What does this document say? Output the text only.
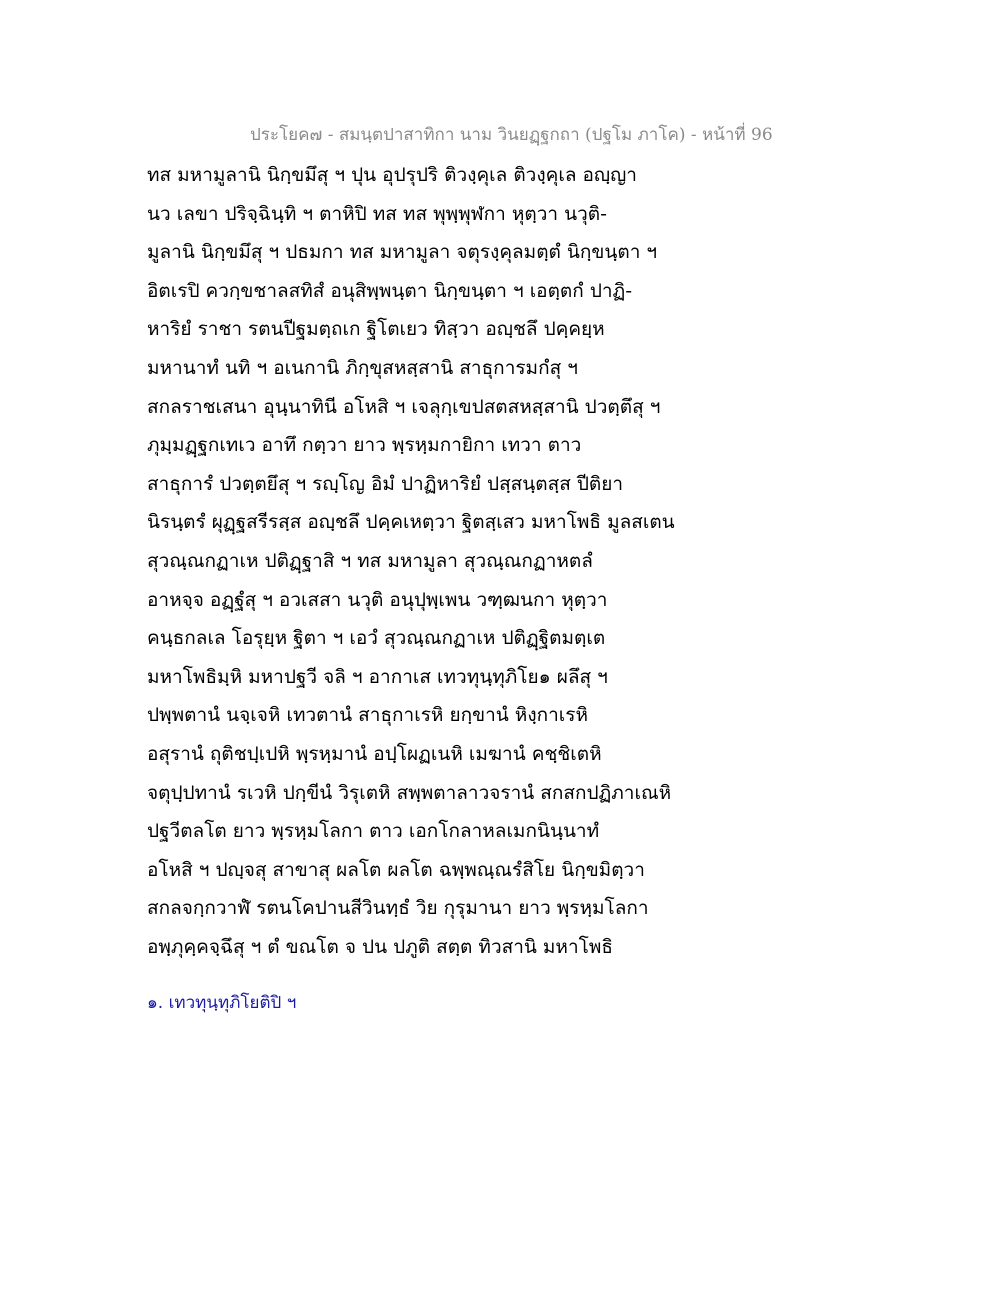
ประโยค๗ - สมนฺตปาสาทิกา นาม วินยฏฺฐกถา (ปฐโม ภาโค) - หน้าที่ 96
ทส มหามูลานิ นิกฺขมึสุ ฯ ปุน อุปรุปริ ติวงฺคุเล ติวงฺคุเล อญฺญา
นว เลขา ปริจฺฉินฺทิ ฯ ตาหิปิ ทส ทส พุพฺพุฬกา หุตฺวา นวุติ-
มูลานิ นิกฺขมึสุ ฯ ปธมกา ทส มหามูลา จตุรงฺคุลมตฺตํ นิกฺขนฺตา ฯ
อิตเรปิ ควกฺขชาลสทิสํ อนุสิพฺพนฺตา นิกฺขนฺตา ฯ เอตฺตกํ ปาฏิ-
หาริยํ ราชา รตนปีฐมตฺถเก ฐิโตเยว ทิสฺวา อญฺชลึ ปคฺคยฺห
มหานาทํ นทิ ฯ อเนกานิ ภิกฺขุสหสฺสานิ สาธุการมกํสุ ฯ
สกลราชเสนา อุนฺนาทินี อโหสิ ฯ เจลุกฺเขปสตสหสฺสานิ ปวตฺตึสุ ฯ
ภุมฺมฏฺฐกเทเว อาทึ กตฺวา ยาว พฺรหฺมกายิกา เทวา ตาว
สาธุการํ ปวตฺตยึสุ ฯ รญฺโญ อิมํ ปาฏิหาริยํ ปสฺสนฺตสฺส ปีติยา
นิรนฺตรํ ผุฏฺฐสรีรสฺส อญฺชลึ ปคฺคเหตฺวา ฐิตสฺเสว มหาโพธิ มูลสเตน
สุวณฺณกฏาเห ปติฏฺฐาสิ ฯ ทส มหามูลา สุวณฺณกฏาหตลํ
อาหจฺจ อฏฺฐํสุ ฯ อวเสสา นวุติ อนุปุพฺเพน วฑฺฒนกา หุตฺวา
คนฺธกลเล โอรุยฺห ฐิตา ฯ เอวํ สุวณฺณกฏาเห ปติฏฺฐิตมตฺเต
มหาโพธิมฺหิ มหาปฐวี จลิ ฯ อากาเส เทวทุนฺทุภิโย๑ ผลึสุ ฯ
ปพฺพตานํ นจฺเจหิ เทวตานํ สาธุกาเรหิ ยกฺขานํ หิงฺกาเรหิ
อสุรานํ ถุติชปฺเปหิ พฺรหฺมานํ อปฺโผฏเนหิ เมฆานํ คชฺชิเตหิ
จตุปฺปทานํ รเวหิ ปกฺขีนํ วิรุเตหิ สพฺพตาลาวจรานํ สกสกปฏิภาเณหิ
ปฐวีตลโต ยาว พฺรหฺมโลกา ตาว เอกโกลาหลเมกนินฺนาทํ
อโหสิ ฯ ปญฺจสุ สาขาสุ ผลโต ผลโต ฉพฺพณฺณรํสิโย นิกฺขมิตฺวา
สกลจกฺกวาฬํ รตนโคปานสีวินทฺธํ วิย กุรุมานา ยาว พฺรหฺมโลกา
อพฺภุคฺคจฺฉึสุ ฯ ตํ ขณโต จ ปน ปภูติ สตฺต ทิวสานิ มหาโพธิ
๑. เทวทุนฺทุภิโยติปิ ฯ
